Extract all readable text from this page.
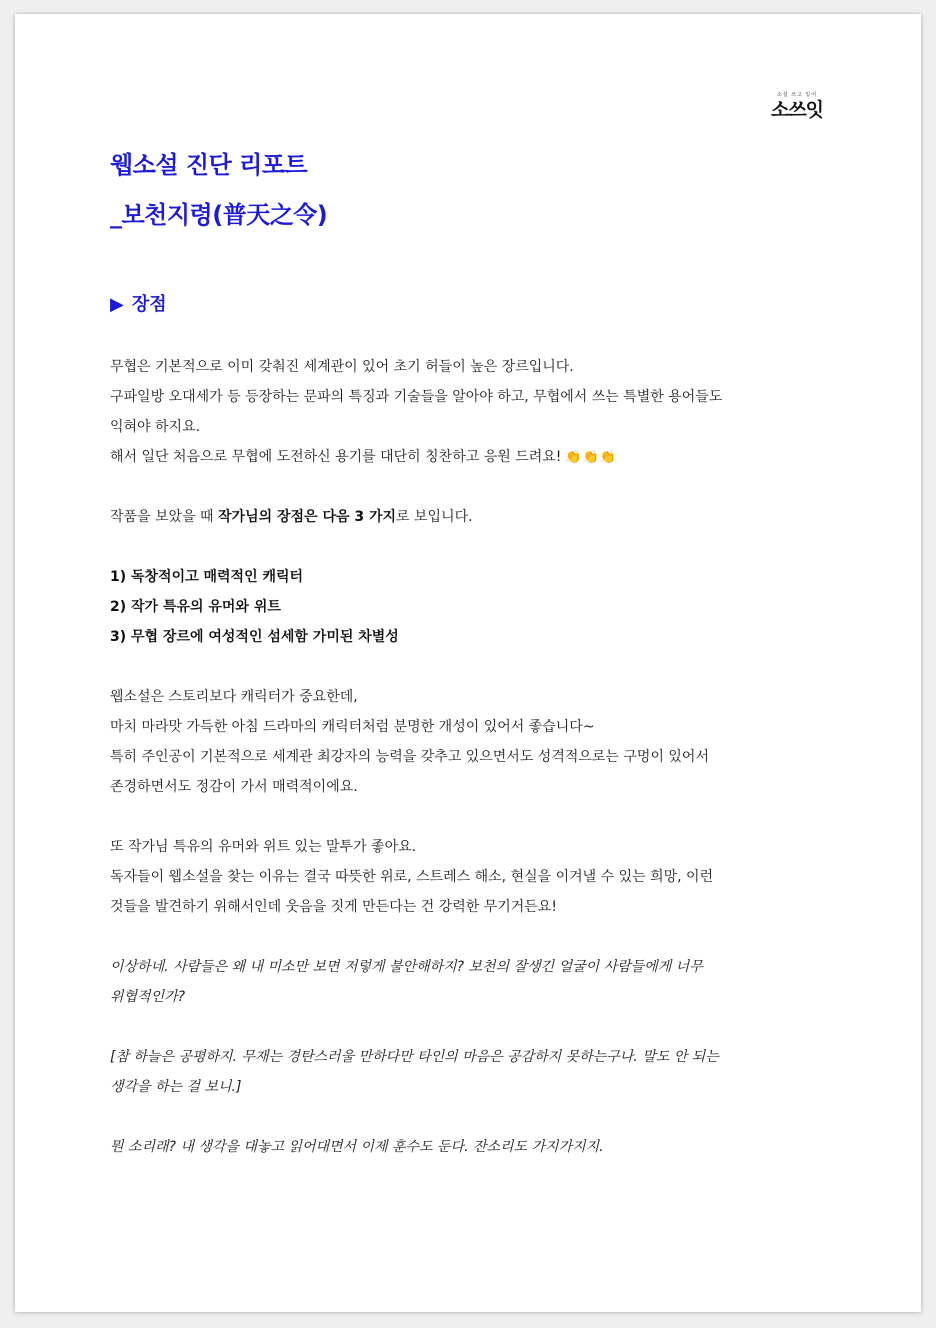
소설 쓰고 있어
소쓰잇
웹소설 진단 리포트
_보천지령(普天之令)
▶ 장점
무협은 기본적으로 이미 갖춰진 세계관이 있어 초기 허들이 높은 장르입니다.
구파일방 오대세가 등 등장하는 문파의 특징과 기술들을 알아야 하고, 무협에서 쓰는 특별한 용어들도
익혀야 하지요.
해서 일단 처음으로 무협에 도전하신 용기를 대단히 칭찬하고 응원 드려요! 👏👏👏
작품을 보았을 때 작가님의 장점은 다음 3 가지로 보입니다.
1) 독창적이고 매력적인 캐릭터
2) 작가 특유의 유머와 위트
3) 무협 장르에 여성적인 섬세함 가미된 차별성
웹소설은 스토리보다 캐릭터가 중요한데,
마치 마라맛 가득한 아침 드라마의 캐릭터처럼 분명한 개성이 있어서 좋습니다~
특히 주인공이 기본적으로 세계관 최강자의 능력을 갖추고 있으면서도 성격적으로는 구멍이 있어서
존경하면서도 정감이 가서 매력적이에요.
또 작가님 특유의 유머와 위트 있는 말투가 좋아요.
독자들이 웹소설을 찾는 이유는 결국 따뜻한 위로, 스트레스 해소, 현실을 이겨낼 수 있는 희망, 이런
것들을 발견하기 위해서인데 웃음을 짓게 만든다는 건 강력한 무기거든요!
이상하네. 사람들은 왜 내 미소만 보면 저렇게 불안해하지? 보천의 잘생긴 얼굴이 사람들에게 너무
위협적인가?
[참 하늘은 공평하지. 무재는 경탄스러울 만하다만 타인의 마음은 공감하지 못하는구나. 말도 안 되는
생각을 하는 걸 보니.]
뭔 소리래? 내 생각을 대놓고 읽어대면서 이제 훈수도 둔다. 잔소리도 가지가지지.
